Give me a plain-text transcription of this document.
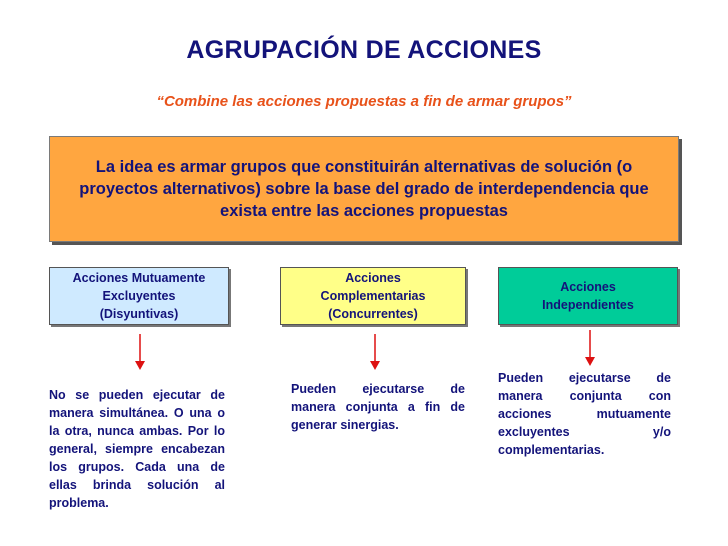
AGRUPACIÓN DE ACCIONES
“Combine las acciones propuestas a fin de armar grupos”
La idea es armar grupos que constituirán alternativas de solución (o proyectos alternativos) sobre la base del grado de interdependencia que exista entre las acciones propuestas
Acciones Mutuamente
Excluyentes
(Disyuntivas)
Acciones
Complementarias
(Concurrentes)
Acciones
Independientes
No se pueden ejecutar de manera simultánea. O una o la otra, nunca ambas. Por lo general, siempre encabezan los grupos. Cada una de ellas brinda solución al problema.
Pueden ejecutarse de manera conjunta a fin de generar sinergias.
Pueden ejecutarse de manera conjunta con acciones mutuamente excluyentes y/o complementarias.
